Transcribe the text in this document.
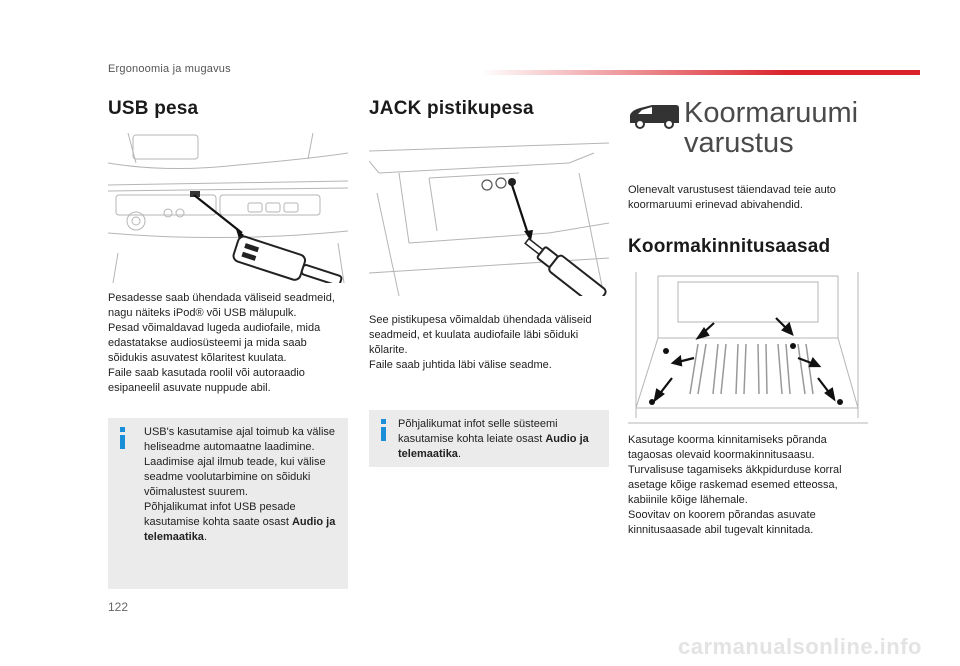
Ergonoomia ja mugavus
USB pesa

Pesadesse saab ühendada väliseid seadmeid,

nagu näiteks iPod® või USB mälupulk.

Pesad võimaldavad lugeda audiofaile, mida

edastatakse audiosüsteemi ja mida saab

sõidukis asuvatest kõlaritest kuulata.

Faile saab kasutada roolil või autoraadio

esipaneelil asuvate nuppude abil.

USB's kasutamise ajal toimub ka välise
heliseadme automaatne laadimine.
Laadimise ajal ilmub teade, kui välise
seadme voolutarbimine on sõiduki
võimalustest suurem.
Põhjalikumat infot USB pesade
kasutamise kohta saate osast Audio ja
telemaatika.
JACK pistikupesa

See pistikupesa võimaldab ühendada väliseid

seadmeid, et kuulata audiofaile läbi sõiduki

kõlarite.

Faile saab juhtida läbi välise seadme.

Põhjalikumat infot selle süsteemi
kasutamise kohta leiate osast Audio ja
telemaatika.
Koormaruumi
varustus

Olenevalt varustusest täiendavad teie auto

koormaruumi erinevad abivahendid.

Koormakinnitusaasad

Kasutage koorma kinnitamiseks põranda

tagaosas olevaid koormakinnitusaasu.

Turvalisuse tagamiseks äkkpidurduse korral

asetage kõige raskemad esemed etteossa,

kabiinile kõige lähemale.

Soovitav on koorem põrandas asuvate

kinnitusaasade abil tugevalt kinnitada.

122
carmanualsonline.info
